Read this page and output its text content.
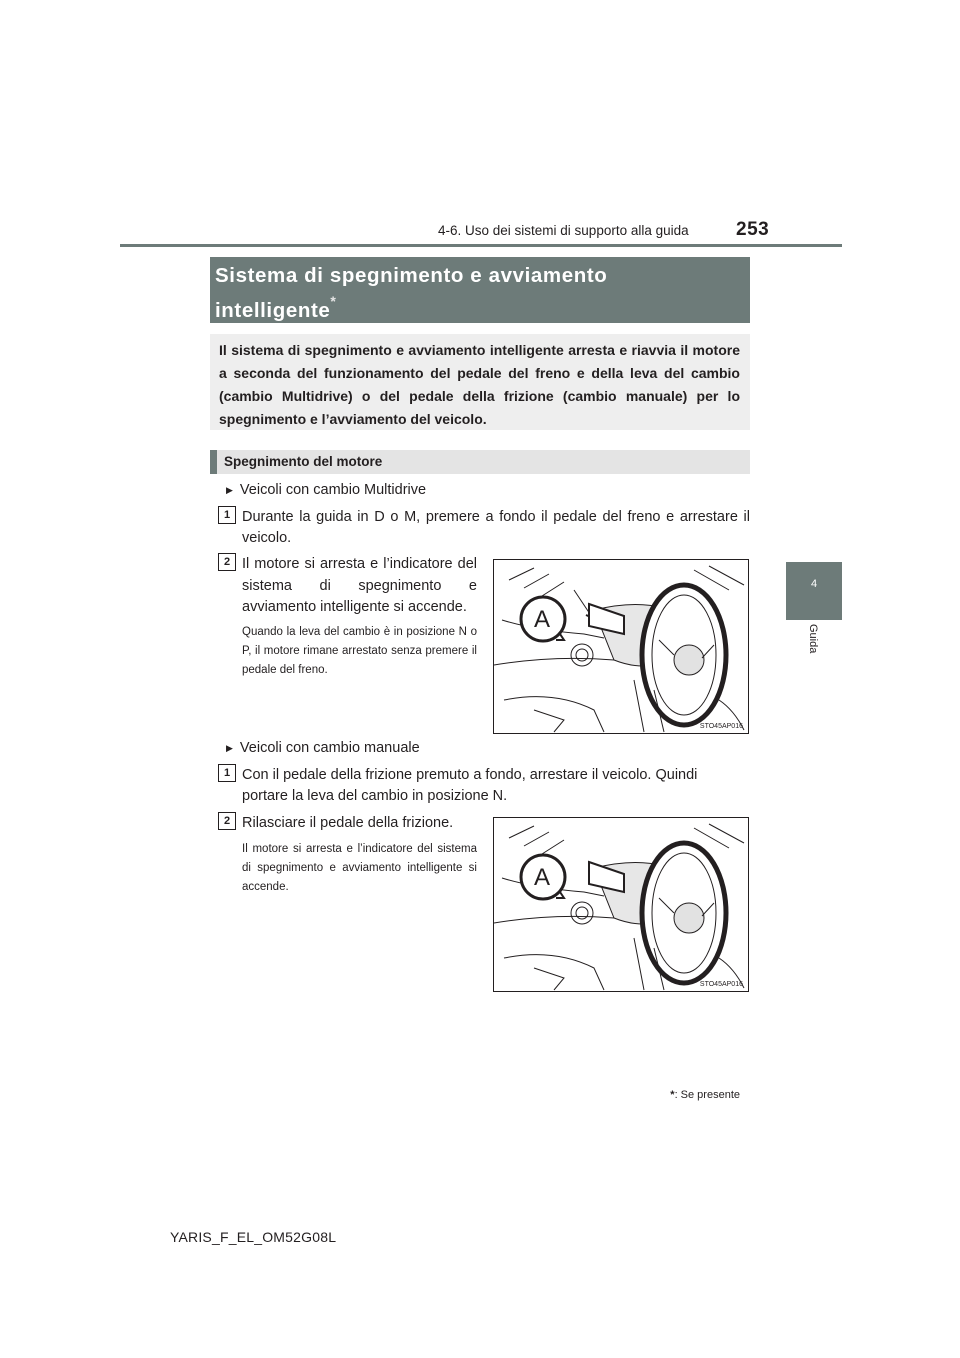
4-6. Uso dei sistemi di supporto alla guida 253
4
Guida
Sistema di spegnimento e avviamento intelligente*
Il sistema di spegnimento e avviamento intelligente arresta e riavvia il motore a seconda del funzionamento del pedale del freno e della leva del cambio (cambio Multidrive) o del pedale della frizione (cambio manuale) per lo spegnimento e l’avviamento del veicolo.
Spegnimento del motore
▶ Veicoli con cambio Multidrive
1 Durante la guida in D o M, premere a fondo il pedale del freno e arrestare il veicolo.
2 Il motore si arresta e l’indicatore del sistema di spegnimento e avviamento intelligente si accende.
Quando la leva del cambio è in posizione N o P, il motore rimane arrestato senza premere il pedale del freno.
A
STO45AP016
▶ Veicoli con cambio manuale
1 Con il pedale della frizione premuto a fondo, arrestare il veicolo. Quindi portare la leva del cambio in posizione N.
2 Rilasciare il pedale della frizione.
Il motore si arresta e l’indicatore del sistema di spegnimento e avviamento intelligente si accende.	A
STO45AP016
*: Se presente
YARIS_F_EL_OM52G08L
